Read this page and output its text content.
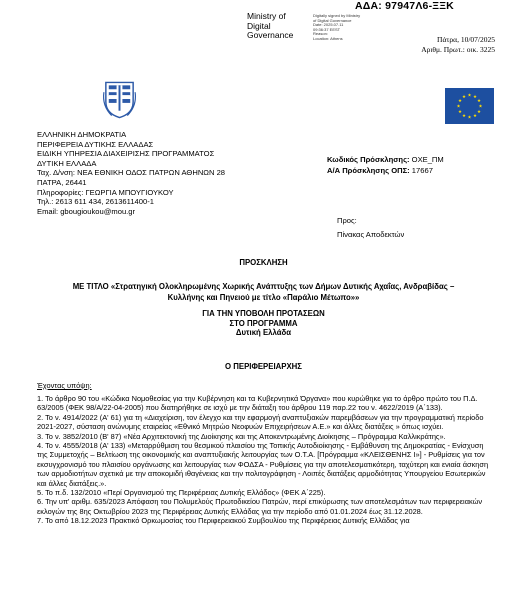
ΑΔΑ: 97947Λ6-ΞΞΚ
Ministry of
Digital
Governance
Digitally signed by Ministry
of Digital Governance
Date: 2025.07.11
09:36:37 EEST
Reason:
Location: Athens	Πάτρα, 10/07/2025
Αριθμ. Πρωτ.: οικ. 3225
★ ★
★
★
★
★
★
★
★
★
★
★
ΕΛΛΗΝΙΚΗ ΔΗΜΟΚΡΑΤΙΑ
ΠΕΡΙΦΕΡΕΙΑ ΔΥΤΙΚΗΣ ΕΛΛΑΔΑΣ
ΕΙΔΙΚΗ ΥΠΗΡΕΣΙΑ ΔΙΑΧΕΙΡΙΣΗΣ ΠΡΟΓΡΑΜΜΑΤΟΣ
ΔΥΤΙΚΗ ΕΛΛΑΔΑ
Ταχ. Δ/νση: ΝΕΑ ΕΘΝΙΚΗ ΟΔΟΣ ΠΑΤΡΩΝ ΑΘΗΝΩΝ 28
ΠΑΤΡΑ, 26441
Πληροφορίες: ΓΕΩΡΓΙΑ ΜΠΟΥΓΙΟΥΚΟΥ
Τηλ.: 2613 611 434, 2613611400-1
Email: gbougioukou@mou.gr
Κωδικός Πρόσκλησης: ΟΧΕ_ΠΜ
Α/Α Πρόσκλησης ΟΠΣ: 17667
Προς:
Πίνακας Αποδεκτών
ΠΡΟΣΚΛΗΣΗ
ΜΕ ΤΙΤΛΟ «Στρατηγική Ολοκληρωμένης Χωρικής Ανάπτυξης των Δήμων Δυτικής Αχαΐας, Ανδραβίδας –
Κυλλήνης και Πηνειού με τίτλο «Παράλιο Μέτωπο»»
ΓΙΑ ΤΗΝ ΥΠΟΒΟΛΗ ΠΡΟΤΑΣΕΩΝ
ΣΤΟ ΠΡΟΓΡΑΜΜΑ
Δυτική Ελλάδα
Ο ΠΕΡΙΦΕΡΕΙΑΡΧΗΣ
Έχοντας υπόψη:

1. Το άρθρο 90 του «Κώδικα Νομοθεσίας για την Κυβέρνηση και τα Κυβερνητικά Όργανα» που κυρώθηκε για το άρθρο πρώτο του Π.Δ. 63/2005 (ΦΕΚ 98/Α/22-04-2005) που διατηρήθηκε σε ισχύ με την διάταξη του άρθρου 119 παρ.22 του ν. 4622/2019 (Α΄133).

2. Το ν. 4914/2022 (Α' 61) για τη «Διαχείριση, τον έλεγχο και την εφαρμογή αναπτυξιακών παρεμβάσεων για την προγραμματική περίοδο 2021-2027, σύσταση ανώνυμης εταιρείας «Εθνικό Μητρώο Νεοφυών Επιχειρήσεων Α.Ε.» και άλλες διατάξεις » όπως ισχύει.

3. Το ν. 3852/2010 (Β' 87) «Νέα Αρχιτεκτονική της Διοίκησης και της Αποκεντρωμένης Διοίκησης – Πρόγραμμα Καλλικράτης».

4. Το ν. 4555/2018 (Α' 133) «Μεταρρύθμιση του θεσμικού πλαισίου της Τοπικής Αυτοδιοίκησης - Εμβάθυνση της Δημοκρατίας - Ενίσχυση της Συμμετοχής – Βελτίωση της οικονομικής και αναπτυξιακής λειτουργίας των Ο.Τ.Α. [Πρόγραμμα «ΚΛΕΙΣΘΕΝΗΣ Ι»] - Ρυθμίσεις για τον εκσυγχρονισμό του πλαισίου οργάνωσης και λειτουργίας των ΦΟΔΣΑ - Ρυθμίσεις για την αποτελεσματικότερη, ταχύτερη και ενιαία άσκηση των αρμοδιοτήτων σχετικά με την αποκομιδή ιθαγένειας και την πολιτογράφηση - Λοιπές διατάξεις αρμοδιότητας Υπουργείου Εσωτερικών και άλλες διατάξεις.».

5. Το π.δ. 132/2010 «Περί Οργανισμού της Περιφέρειας Δυτικής Ελλάδος» (ΦΕΚ Α΄225).

6. Την υπ' αριθμ. 635/2023 Απόφαση του Πολυμελούς Πρωτοδικείου Πατρών, περί επικύρωσης των αποτελεσμάτων των περιφερειακών εκλογών της 8ης Οκτωβρίου 2023 της Περιφέρειας Δυτικής Ελλάδας για την περίοδο από 01.01.2024 έως 31.12.2028.

7. Το από 18.12.2023 Πρακτικό Ορκωμοσίας του Περιφερειακού Συμβουλίου της Περιφέρειας Δυτικής Ελλάδας για
